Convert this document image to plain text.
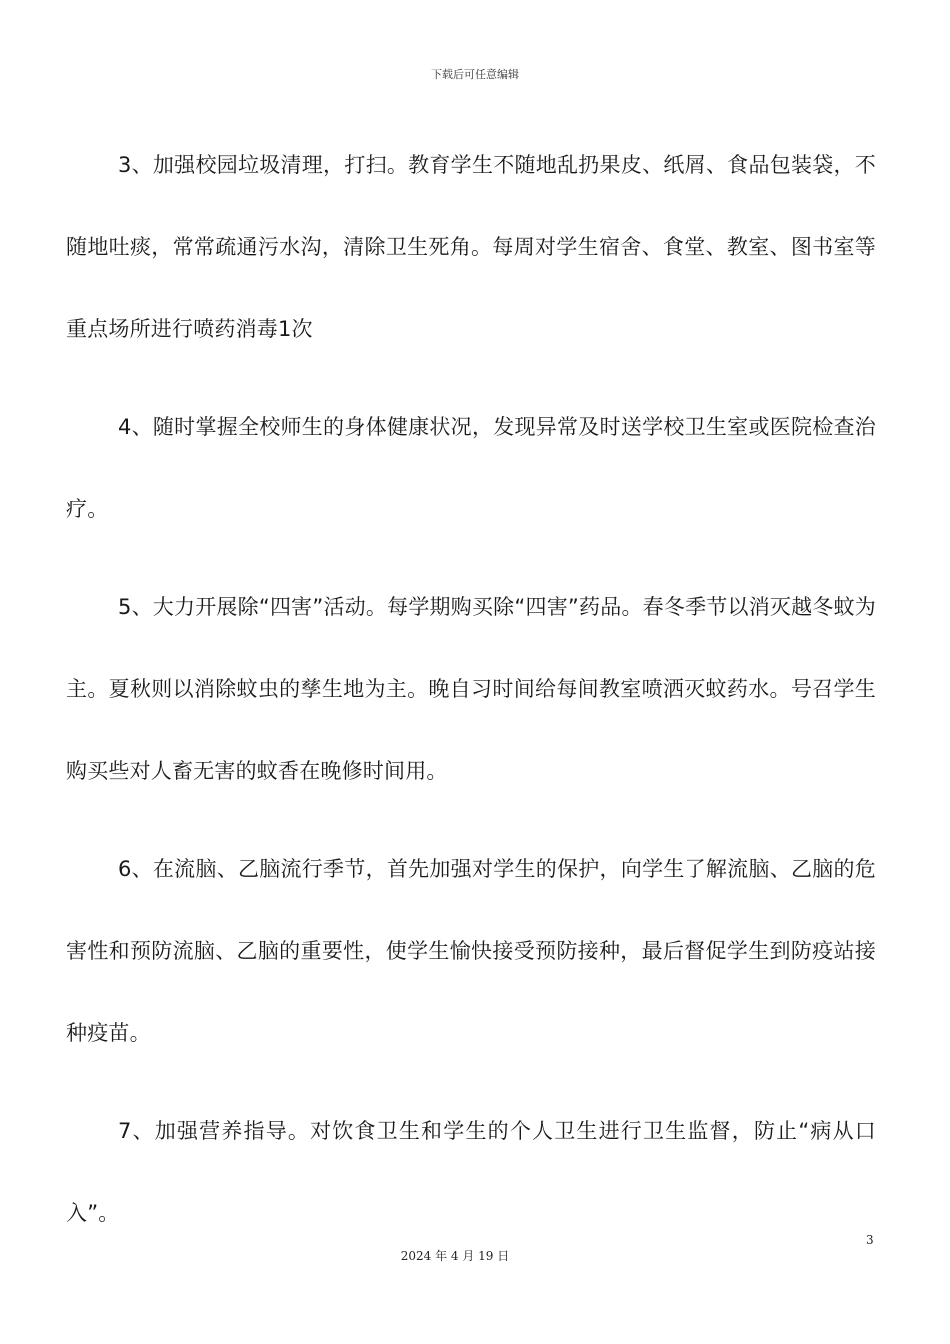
下载后可任意编辑

3、加强校园垃圾清理，打扫。教育学生不随地乱扔果皮、纸屑、食品包装袋，不随地吐痰，常常疏通污水沟，清除卫生死角。每周对学生宿舍、食堂、教室、图书室等重点场所进行喷药消毒1次

4、随时掌握全校师生的身体健康状况，发现异常及时送学校卫生室或医院检查治疗。

5、大力开展除“四害”活动。每学期购买除“四害”药品。春冬季节以消灭越冬蚊为主。夏秋则以消除蚊虫的孳生地为主。晚自习时间给每间教室喷洒灭蚊药水。号召学生购买些对人畜无害的蚊香在晚修时间用。

6、在流脑、乙脑流行季节，首先加强对学生的保护，向学生了解流脑、乙脑的危害性和预防流脑、乙脑的重要性，使学生愉快接受预防接种，最后督促学生到防疫站接种疫苗。

7、加强营养指导。对饮食卫生和学生的个人卫生进行卫生监督，防止“病从口入”。

3
2024 年 4 月 19 日
